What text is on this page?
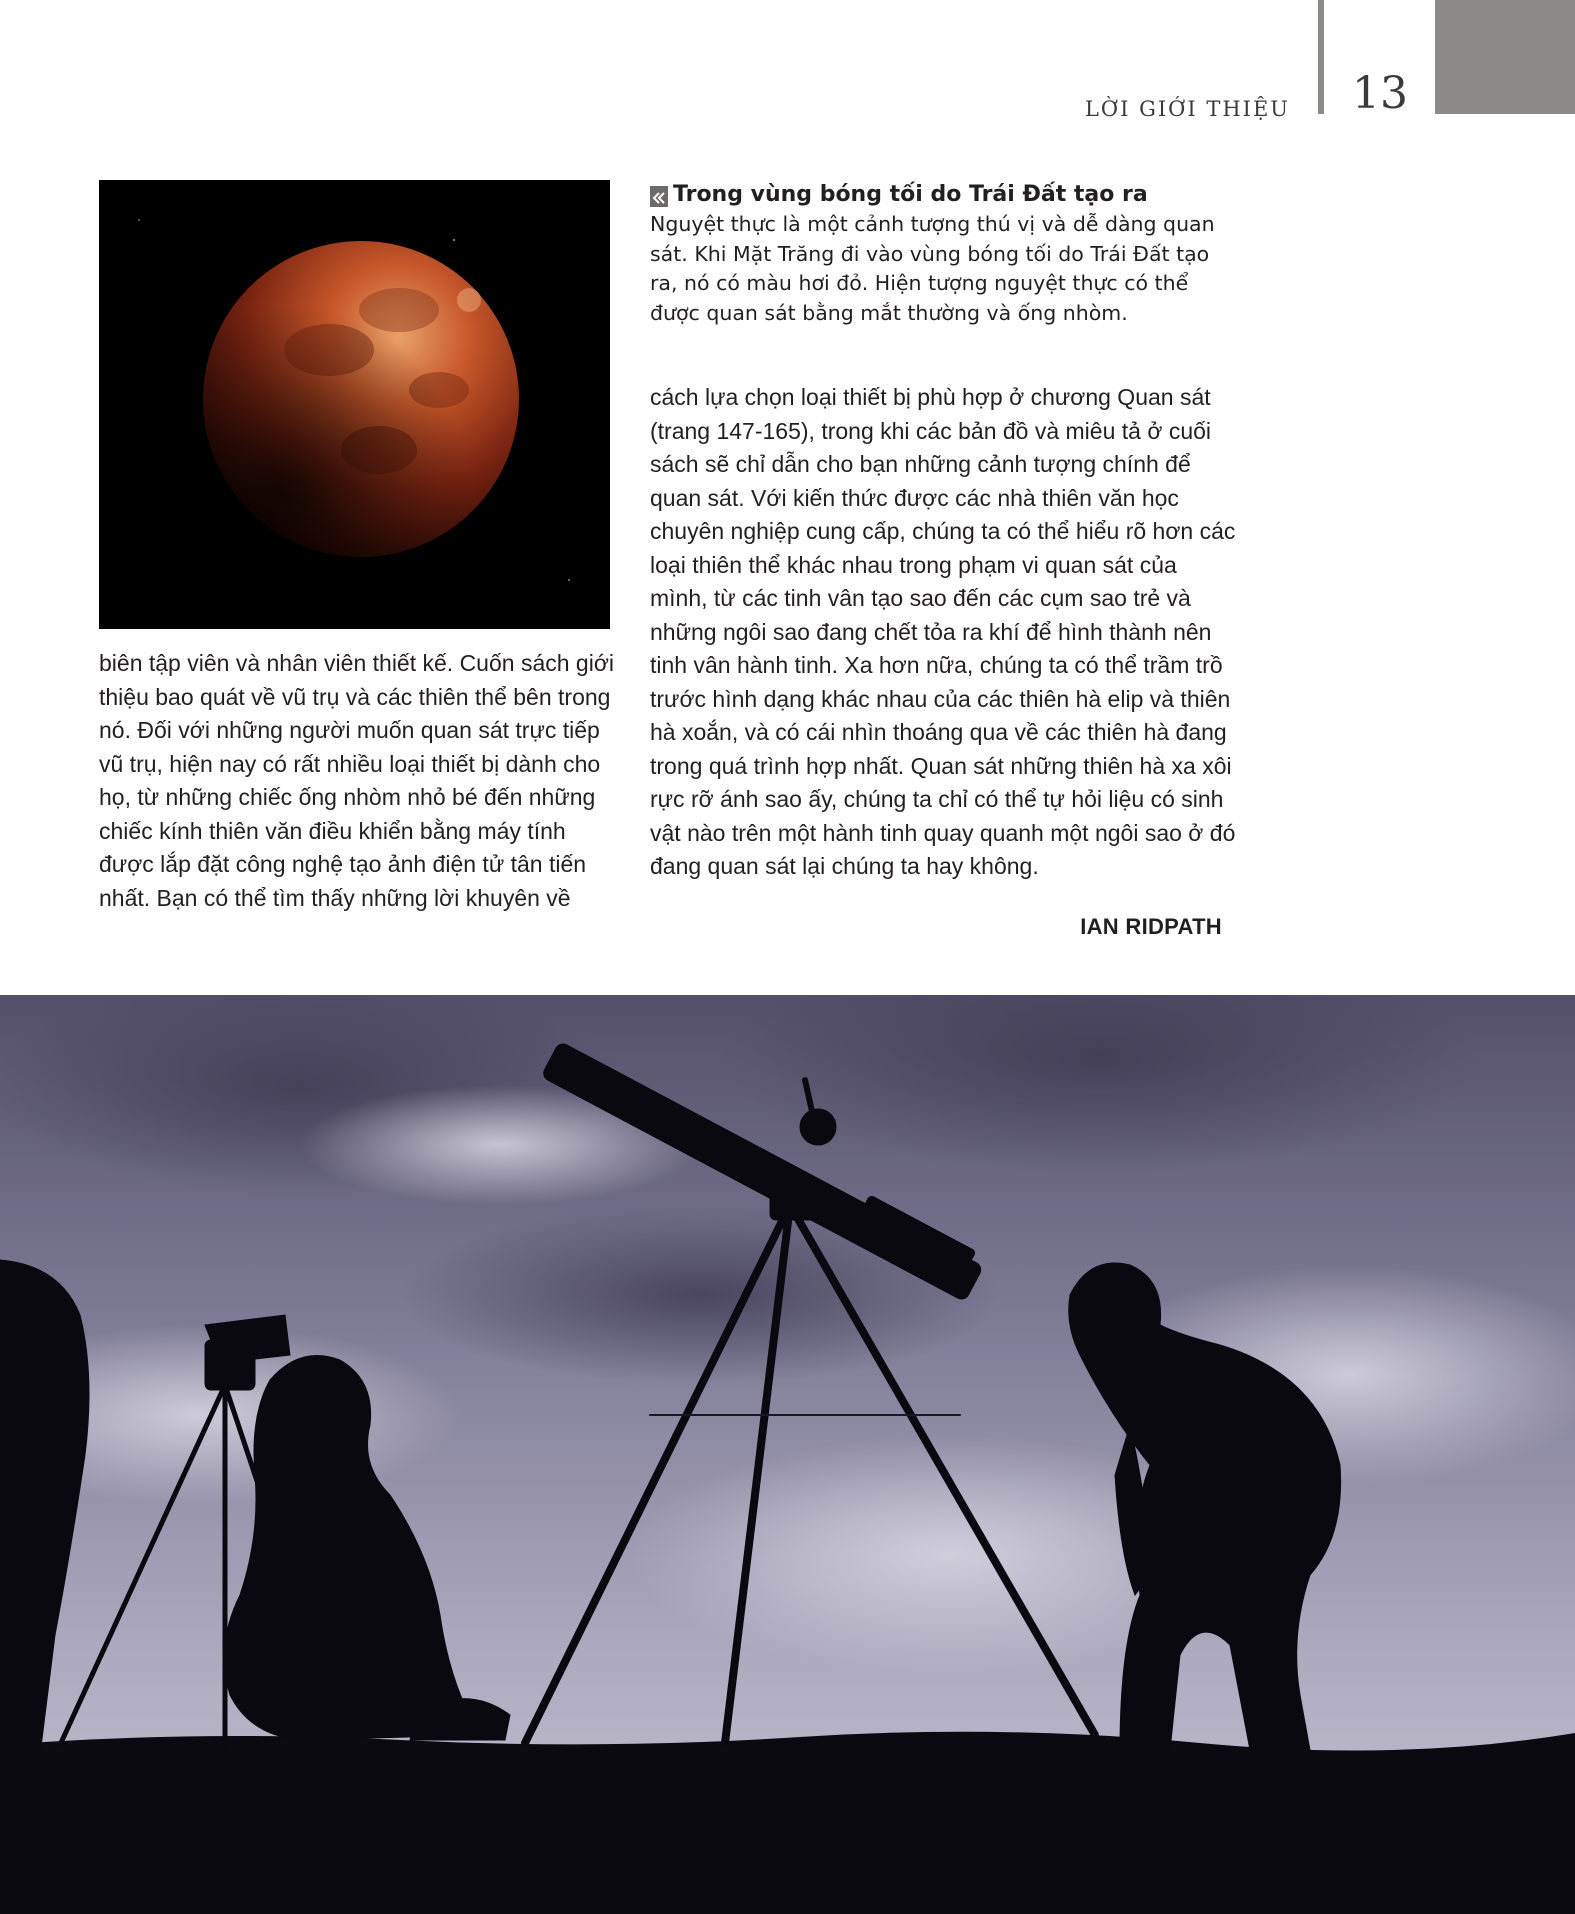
LỜI GIỚI THIỆU 13
Trong vùng bóng tối do Trái Đất tạo ra
Nguyệt thực là một cảnh tượng thú vị và dễ dàng quan
sát. Khi Mặt Trăng đi vào vùng bóng tối do Trái Đất tạo
ra, nó có màu hơi đỏ. Hiện tượng nguyệt thực có thể
được quan sát bằng mắt thường và ống nhòm.
biên tập viên và nhân viên thiết kế. Cuốn sách giới
thiệu bao quát về vũ trụ và các thiên thể bên trong
nó. Đối với những người muốn quan sát trực tiếp
vũ trụ, hiện nay có rất nhiều loại thiết bị dành cho
họ, từ những chiếc ống nhòm nhỏ bé đến những
chiếc kính thiên văn điều khiển bằng máy tính
được lắp đặt công nghệ tạo ảnh điện tử tân tiến
nhất. Bạn có thể tìm thấy những lời khuyên về
cách lựa chọn loại thiết bị phù hợp ở chương Quan sát
(trang 147-165), trong khi các bản đồ và miêu tả ở cuối
sách sẽ chỉ dẫn cho bạn những cảnh tượng chính để
quan sát. Với kiến thức được các nhà thiên văn học
chuyên nghiệp cung cấp, chúng ta có thể hiểu rõ hơn các
loại thiên thể khác nhau trong phạm vi quan sát của
mình, từ các tinh vân tạo sao đến các cụm sao trẻ và
những ngôi sao đang chết tỏa ra khí để hình thành nên
tinh vân hành tinh. Xa hơn nữa, chúng ta có thể trầm trồ
trước hình dạng khác nhau của các thiên hà elip và thiên
hà xoắn, và có cái nhìn thoáng qua về các thiên hà đang
trong quá trình hợp nhất. Quan sát những thiên hà xa xôi
rực rỡ ánh sao ấy, chúng ta chỉ có thể tự hỏi liệu có sinh
vật nào trên một hành tinh quay quanh một ngôi sao ở đó
đang quan sát lại chúng ta hay không.
IAN RIDPATH
